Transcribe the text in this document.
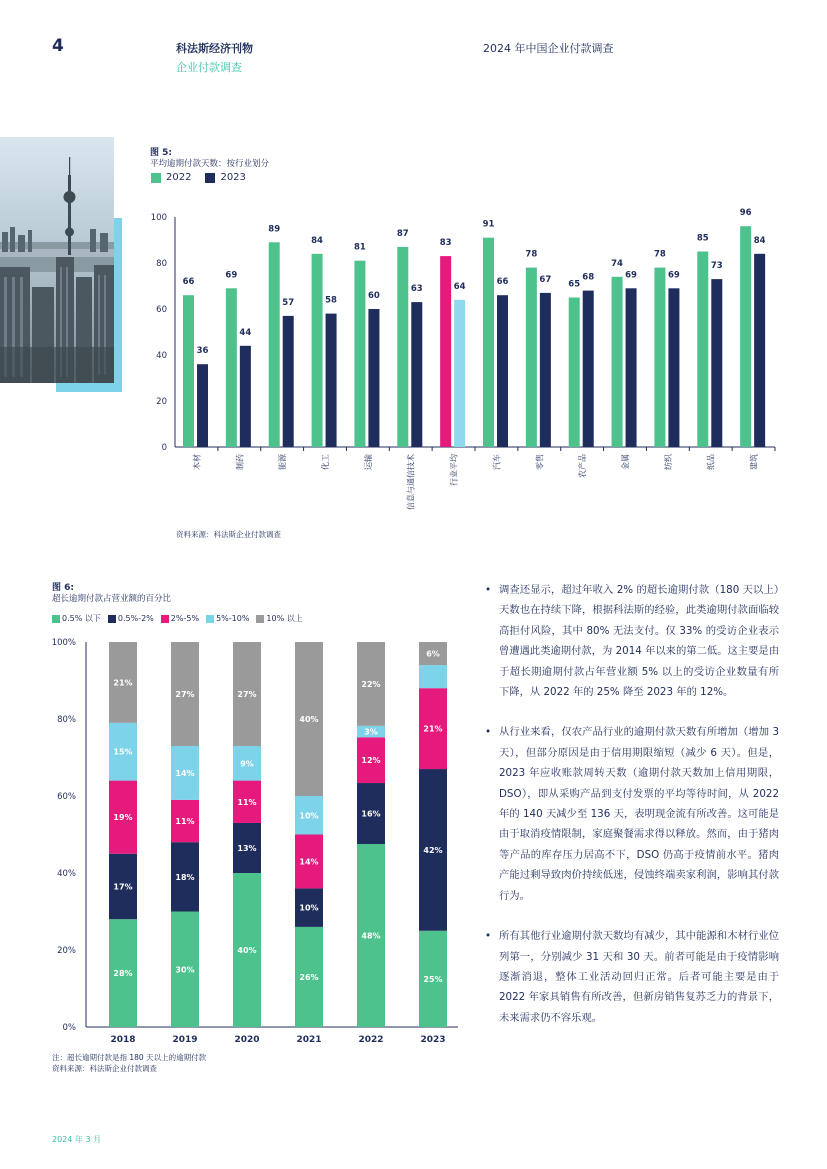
4	科法斯经济刊物
企业付款调查
2024 年中国企业付款调查
图 5:
平均逾期付款天数：按行业划分
2022	2023
0
20
40
60
80
100
66
36
木材
69
44
制药
89
57
能源
84
58
化工
81
60
运输
87
63
信息与通信技术
83
64
行业平均
91
66
汽车
78
67
零售
65
68
农产品
74
69
金属
78
69
纺织
85
73
纸品
96
84
建筑
资料来源：科法斯企业付款调查
图 6:
超长逾期付款占营业额的百分比
0.5% 以下 0.5%-2% 2%-5% 5%-10% 10% 以上
0%
20%
40%
60%
80%
100%
28%
17%
19%
15%
21%
2018
30%
18%
11%
14%
27%
2019
40%
13%
11%
9%
27%
2020
26%
10%
14%
10%
40%
2021
48%
16%
12%
3%
22%
2022
25%
42%
21%
6%
2023
注：超长逾期付款是指 180 天以上的逾期付款
资料来源：科法斯企业付款调查

• 调查还显示，超过年收入 2% 的超长逾期付款（180 天以上）天数也在持续下降，根据科法斯的经验，此类逾期付款面临较高拒付风险，其中 80% 无法支付。仅 33% 的受访企业表示曾遭遇此类逾期付款，为 2014 年以来的第二低。这主要是由于超长期逾期付款占年营业额 5% 以上的受访企业数量有所下降，从 2022 年的 25% 降至 2023 年的 12%。

• 从行业来看，仅农产品行业的逾期付款天数有所增加（增加 3 天），但部分原因是由于信用期限缩短（减少 6 天）。但是，2023 年应收账款周转天数（逾期付款天数加上信用期限，DSO），即从采购产品到支付发票的平均等待时间，从 2022 年的 140 天减少至 136 天，表明现金流有所改善。这可能是由于取消疫情限制，家庭聚餐需求得以释放。然而，由于猪肉等产品的库存压力居高不下，DSO 仍高于疫情前水平。猪肉产能过剩导致肉价持续低迷，侵蚀终端卖家利润，影响其付款行为。

• 所有其他行业逾期付款天数均有减少，其中能源和木材行业位列第一，分别减少 31 天和 30 天。前者可能是由于疫情影响逐渐消退，整体工业活动回归正常。后者可能主要是由于 2022 年家具销售有所改善，但新房销售复苏乏力的背景下，未来需求仍不容乐观。

2024 年 3 月
